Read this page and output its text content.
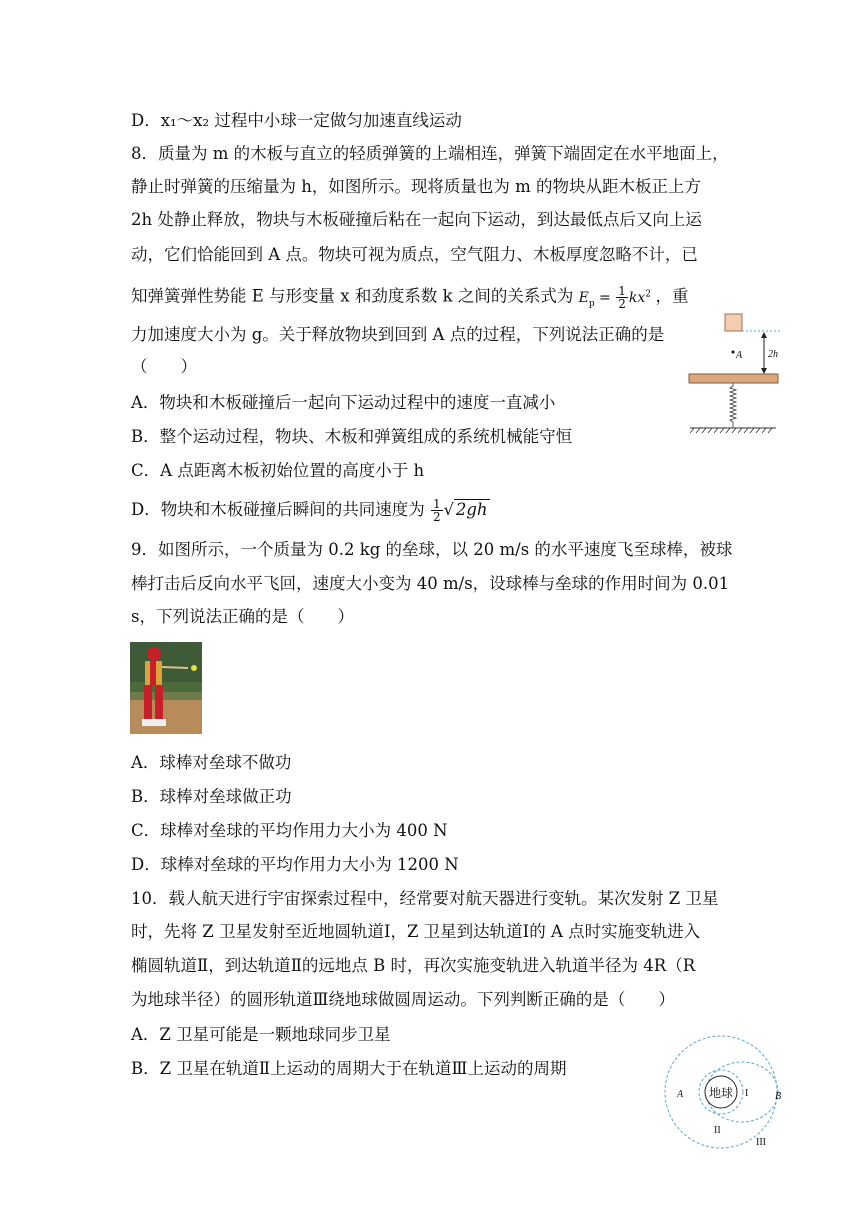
D．x₁～x₂ 过程中小球一定做匀加速直线运动
8．质量为 m 的木板与直立的轻质弹簧的上端相连，弹簧下端固定在水平地面上，
静止时弹簧的压缩量为 h，如图所示。现将质量也为 m 的物块从距木板正上方
2h 处静止释放，物块与木板碰撞后粘在一起向下运动，到达最低点后又向上运
动，它们恰能回到 A 点。物块可视为质点，空气阻力、木板厚度忽略不计，已
知弹簧弹性势能 E 与形变量 x 和劲度系数 k 之间的关系式为 $E_p = \frac{1}{2} kx^2$ ，重
力加速度大小为 g。关于释放物块到回到 A 点的过程，下列说法正确的是
（　　）
A．物块和木板碰撞后一起向下运动过程中的速度一直减小
B．整个运动过程，物块、木板和弹簧组成的系统机械能守恒
C．A 点距离木板初始位置的高度小于 h
D．物块和木板碰撞后瞬间的共同速度为 $\frac{1}{2}$ √ 2gh
2h
A
9．如图所示，一个质量为 0.2 kg 的垒球，以 20 m/s 的水平速度飞至球棒，被球
棒打击后反向水平飞回，速度大小变为 40 m/s，设球棒与垒球的作用时间为 0.01
s，下列说法正确的是（　　）
A．球棒对垒球不做功
B．球棒对垒球做正功
C．球棒对垒球的平均作用力大小为 400 N
D．球棒对垒球的平均作用力大小为 1200 N
10．载人航天进行宇宙探索过程中，经常要对航天器进行变轨。某次发射 Z 卫星
时，先将 Z 卫星发射至近地圆轨道Ⅰ，Z 卫星到达轨道Ⅰ的 A 点时实施变轨进入
椭圆轨道Ⅱ，到达轨道Ⅱ的远地点 B 时，再次实施变轨进入轨道半径为 4R（R
为地球半径）的圆形轨道Ⅲ绕地球做圆周运动。下列判断正确的是（　　）
A．Z 卫星可能是一颗地球同步卫星
B．Z 卫星在轨道Ⅱ上运动的周期大于在轨道Ⅲ上运动的周期
地球 I
II
III
A	B
